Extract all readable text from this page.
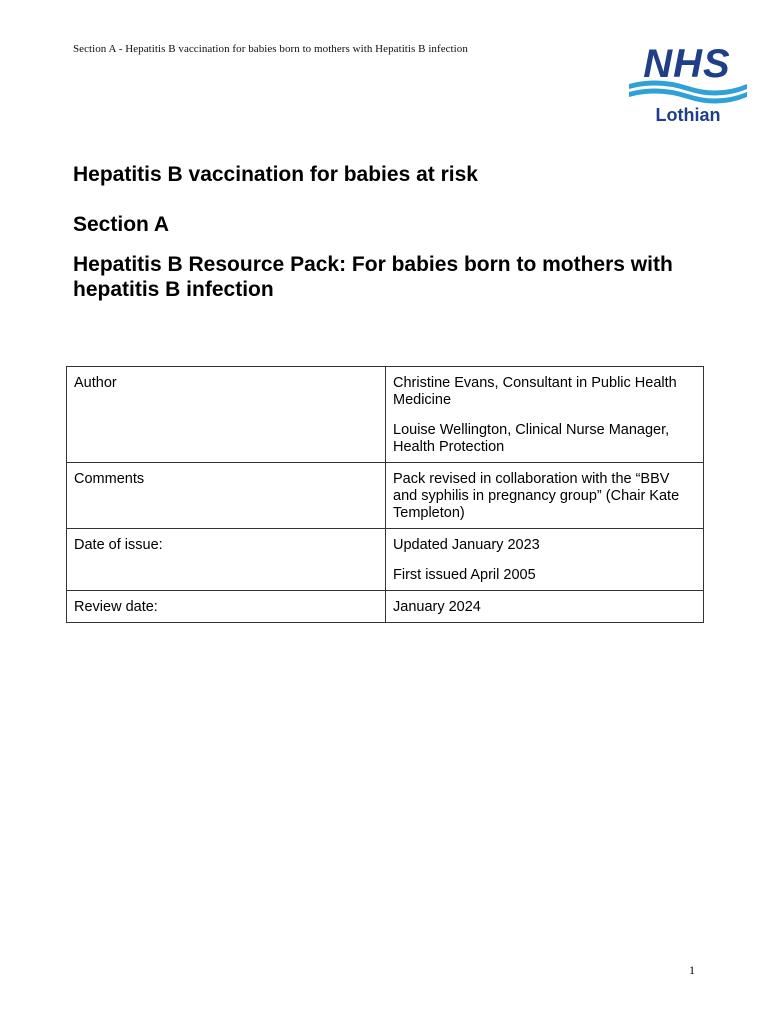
Section A - Hepatitis B vaccination for babies born to mothers with Hepatitis B infection	NHS
Lothian
Hepatitis B vaccination for babies at risk
Section A
Hepatitis B Resource Pack: For babies born to mothers with hepatitis B infection
Author	Christine Evans, Consultant in Public Health Medicine

Louise Wellington, Clinical Nurse Manager, Health Protection

Comments	Pack revised in collaboration with the “BBV and syphilis in pregnancy group” (Chair Kate Templeton)

Date of issue:	Updated January 2023

First issued April 2005

Review date:	January 2024

1
